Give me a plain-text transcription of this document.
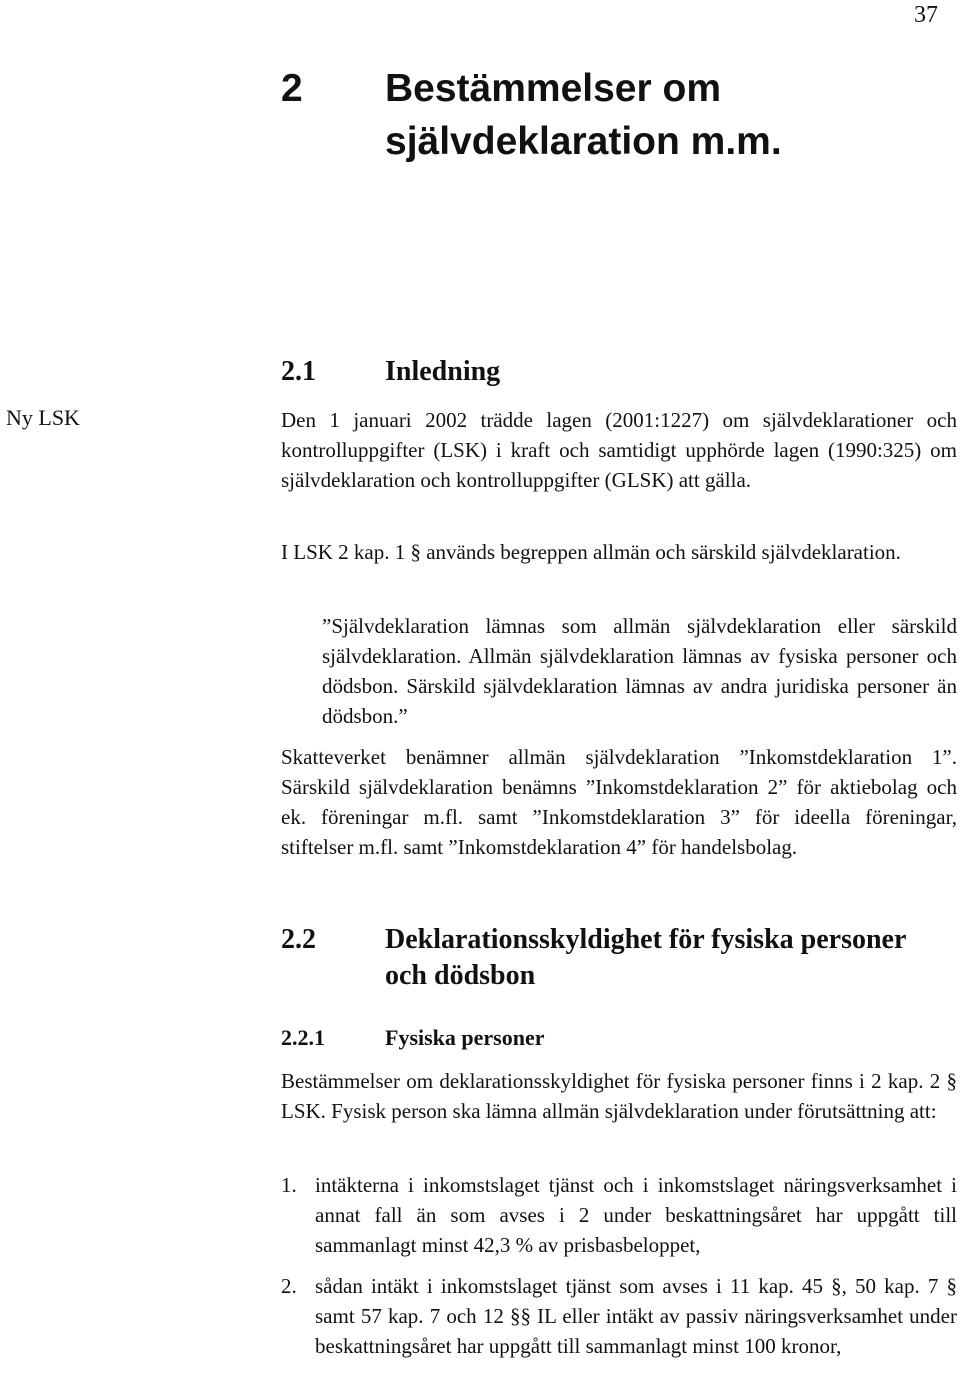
37
2 Bestämmelser om självdeklaration m.m.
2.1 Inledning
Ny LSK	Den 1 januari 2002 trädde lagen (2001:1227) om självdeklarationer och kontrolluppgifter (LSK) i kraft och samtidigt upphörde lagen (1990:325) om självdeklaration och kontrolluppgifter (GLSK) att gälla.
I LSK 2 kap. 1 § används begreppen allmän och särskild självdeklaration.
”Självdeklaration lämnas som allmän självdeklaration eller särskild självdeklaration. Allmän självdeklaration lämnas av fysiska personer och dödsbon. Särskild självdeklaration lämnas av andra juridiska personer än dödsbon.”
Skatteverket benämner allmän självdeklaration ”Inkomstdeklaration 1”. Särskild självdeklaration benämns ”Inkomstdeklaration 2” för aktiebolag och ek. föreningar m.fl. samt ”Inkomstdeklaration 3” för ideella föreningar, stiftelser m.fl. samt ”Inkomstdeklaration 4” för handelsbolag.
2.2 Deklarationsskyldighet för fysiska personer och dödsbon
2.2.1	Fysiska personer
Bestämmelser om deklarationsskyldighet för fysiska personer finns i 2 kap. 2 § LSK. Fysisk person ska lämna allmän självdeklaration under förutsättning att:
1. intäkterna i inkomstslaget tjänst och i inkomstslaget näringsverksamhet i annat fall än som avses i 2 under beskattningsåret har uppgått till sammanlagt minst 42,3 % av prisbasbeloppet,
2. sådan intäkt i inkomstslaget tjänst som avses i 11 kap. 45 §, 50 kap. 7 § samt 57 kap. 7 och 12 §§ IL eller intäkt av passiv näringsverksamhet under beskattningsåret har uppgått till sammanlagt minst 100 kronor,
